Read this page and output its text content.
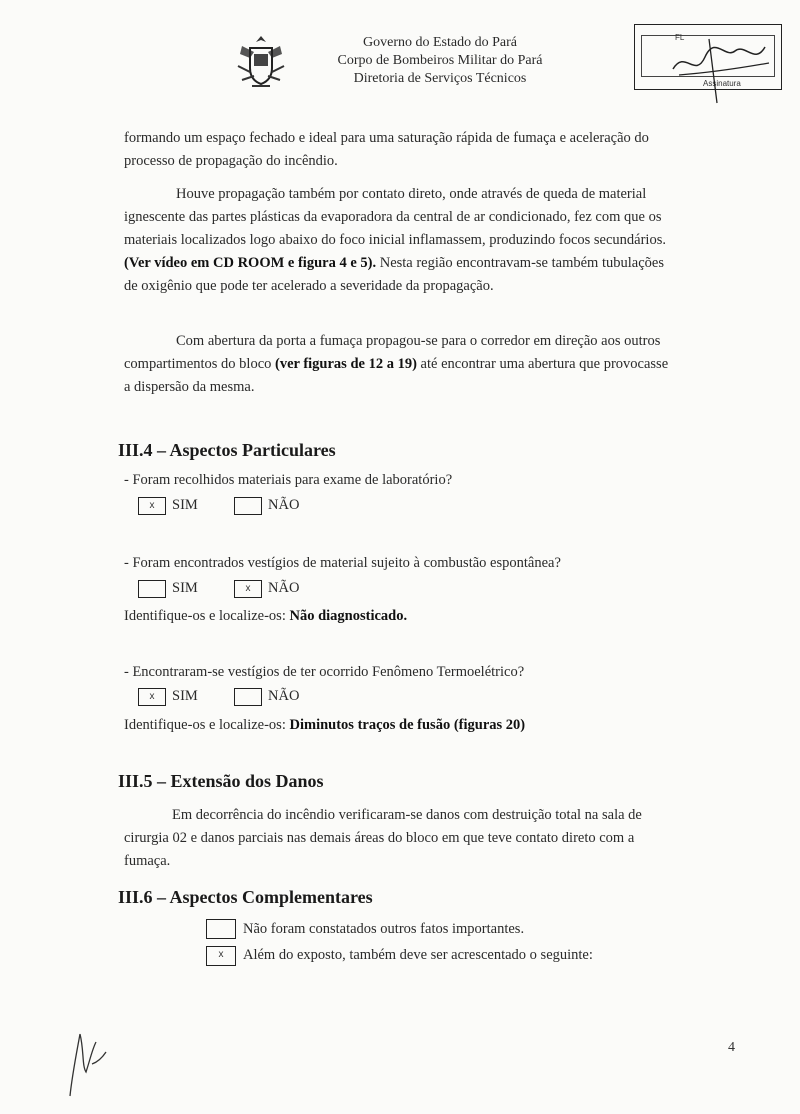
Governo do Estado do Pará
Corpo de Bombeiros Militar do Pará
Diretoria de Serviços Técnicos
FL
Assinatura
formando um espaço fechado e ideal para uma saturação rápida de fumaça e aceleração do
processo de propagação do incêndio.
Houve propagação também por contato direto, onde através de queda de material
ignescente das partes plásticas da evaporadora da central de ar condicionado, fez com que os
materiais localizados logo abaixo do foco inicial inflamassem, produzindo focos secundários.
(Ver vídeo em CD ROOM e figura 4 e 5). Nesta região encontravam-se também tubulações
de oxigênio que pode ter acelerado a severidade da propagação.
Com abertura da porta a fumaça propagou-se para o corredor em direção aos outros
compartimentos do bloco (ver figuras de 12 a 19) até encontrar uma abertura que provocasse
a dispersão da mesma.
III.4 – Aspectos Particulares
- Foram recolhidos materiais para exame de laboratório?
x	SIM	NÃO
- Foram encontrados vestígios de material sujeito à combustão espontânea?
SIM	x	NÃO
Identifique-os e localize-os: Não diagnosticado.
- Encontraram-se vestígios de ter ocorrido Fenômeno Termoelétrico?
x	SIM	NÃO
Identifique-os e localize-os: Diminutos traços de fusão (figuras 20)
III.5 – Extensão dos Danos
Em decorrência do incêndio verificaram-se danos com destruição total na sala de
cirurgia 02 e danos parciais nas demais áreas do bloco em que teve contato direto com a
fumaça.
III.6 – Aspectos Complementares
Não foram constatados outros fatos importantes.
x	Além do exposto, também deve ser acrescentado o seguinte:
4
